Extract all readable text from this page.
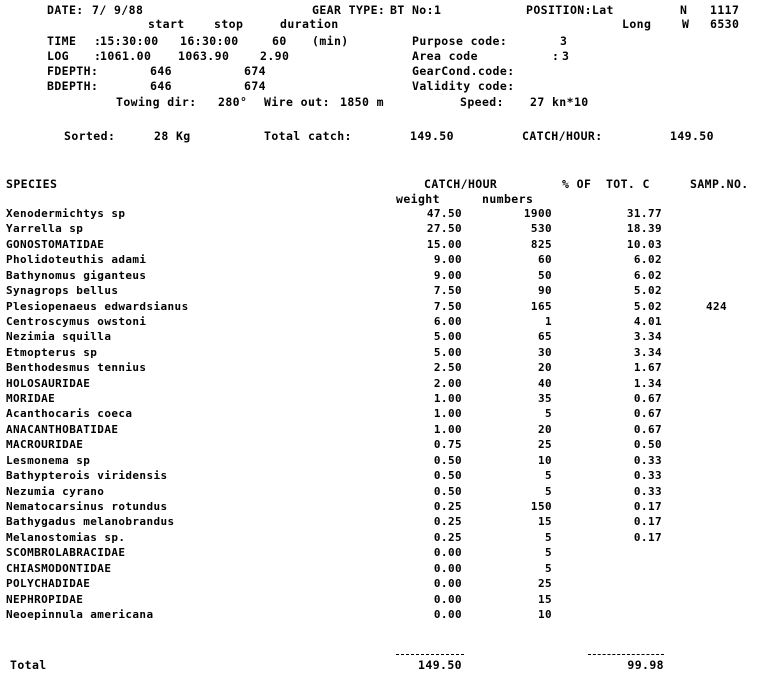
DATE: 7/ 9/88	GEAR TYPE: BT No:1	POSITION:Lat	N 1117
start	stop	duration	Long	W 6530
TIME :
15:30:00 16:30:00	60 (min)	Purpose code:	3
LOG :
1061.00 1063.90	2.90	Area code	: 3
FDEPTH:	646	674	GearCond.code:
BDEPTH:	646	674	Validity code:
Towing dir: 280° Wire out: 1850 m	Speed: 27 kn*10
Sorted:	28 Kg	Total catch:	149.50	CATCH/HOUR:	149.50
SPECIES	CATCH/HOUR	% OF  TOT. C	SAMP.NO.
weight	numbers
Xenodermichtys sp	47.50	1900	31.77
Yarrella sp	27.50	530	18.39
GONOSTOMATIDAE	15.00	825	10.03
Pholidoteuthis adami	9.00	60	6.02
Bathynomus giganteus	9.00	50	6.02
Synagrops bellus	7.50	90	5.02
Plesiopenaeus edwardsianus	7.50	165	5.02	424
Centroscymus owstoni	6.00	1	4.01
Nezimia squilla	5.00	65	3.34
Etmopterus sp	5.00	30	3.34
Benthodesmus tennius	2.50	20	1.67
HOLOSAURIDAE	2.00	40	1.34
MORIDAE	1.00	35	0.67
Acanthocaris coeca	1.00	5	0.67
ANACANTHOBATIDAE	1.00	20	0.67
MACROURIDAE	0.75	25	0.50
Lesmonema sp	0.50	10	0.33
Bathypterois viridensis	0.50	5	0.33
Nezumia cyrano	0.50	5	0.33
Nematocarsinus rotundus	0.25	150	0.17
Bathygadus melanobrandus	0.25	15	0.17
Melanostomias sp.	0.25	5	0.17
SCOMBROLABRACIDAE	0.00	5
CHIASMODONTIDAE	0.00	5
POLYCHADIDAE	0.00	25
NEPHROPIDAE	0.00	15
Neoepinnula americana	0.00	10
Total	149.50	99.98
